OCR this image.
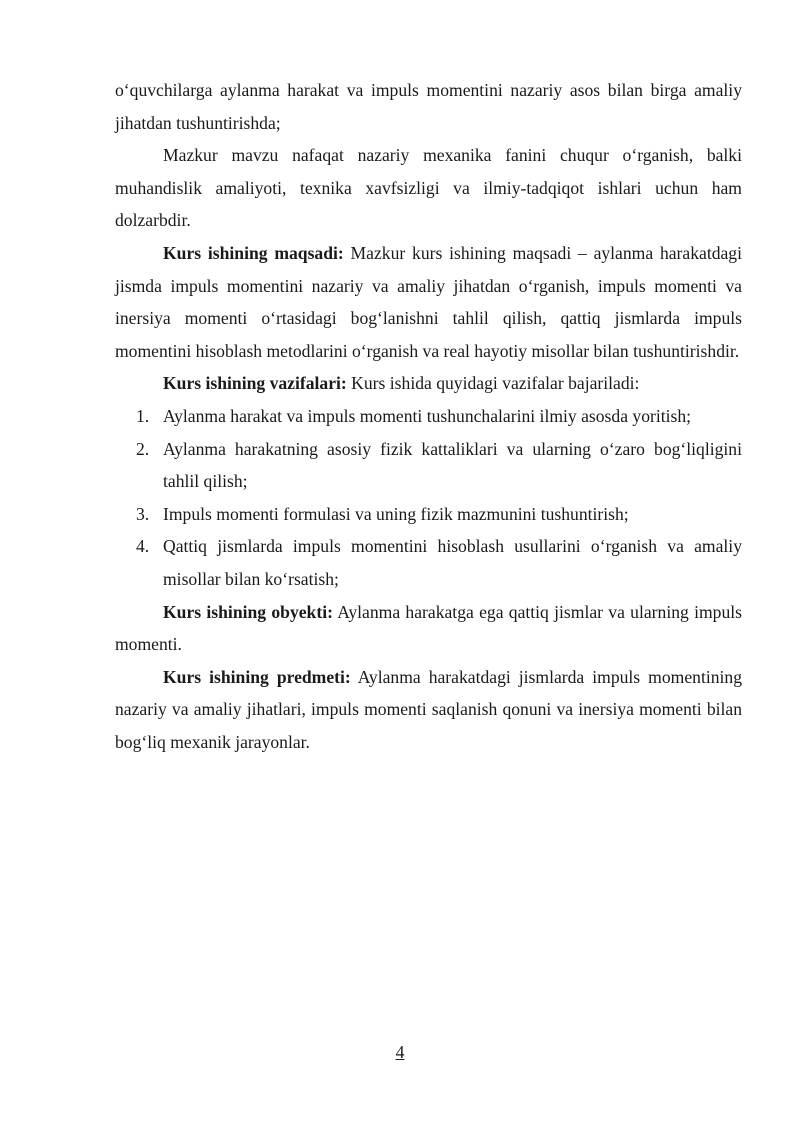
o‘quvchilarga aylanma harakat va impuls momentini nazariy asos bilan birga amaliy jihatdan tushuntirishda;

Mazkur mavzu nafaqat nazariy mexanika fanini chuqur o‘rganish, balki muhandislik amaliyoti, texnika xavfsizligi va ilmiy-tadqiqot ishlari uchun ham dolzarbdir.

Kurs ishining maqsadi: Mazkur kurs ishining maqsadi – aylanma harakatdagi jismda impuls momentini nazariy va amaliy jihatdan o‘rganish, impuls momenti va inersiya momenti o‘rtasidagi bog‘lanishni tahlil qilish, qattiq jismlarda impuls momentini hisoblash metodlarini o‘rganish va real hayotiy misollar bilan tushuntirishdir.

Kurs ishining vazifalari: Kurs ishida quyidagi vazifalar bajariladi:

1. Aylanma harakat va impuls momenti tushunchalarini ilmiy asosda yoritish;
2. Aylanma harakatning asosiy fizik kattaliklari va ularning o‘zaro bog‘liqligini tahlil qilish;
3. Impuls momenti formulasi va uning fizik mazmunini tushuntirish;
4. Qattiq jismlarda impuls momentini hisoblash usullarini o‘rganish va amaliy misollar bilan ko‘rsatish;

Kurs ishining obyekti: Aylanma harakatga ega qattiq jismlar va ularning impuls momenti.

Kurs ishining predmeti: Aylanma harakatdagi jismlarda impuls momentining nazariy va amaliy jihatlari, impuls momenti saqlanish qonuni va inersiya momenti bilan bog‘liq mexanik jarayonlar.

4
